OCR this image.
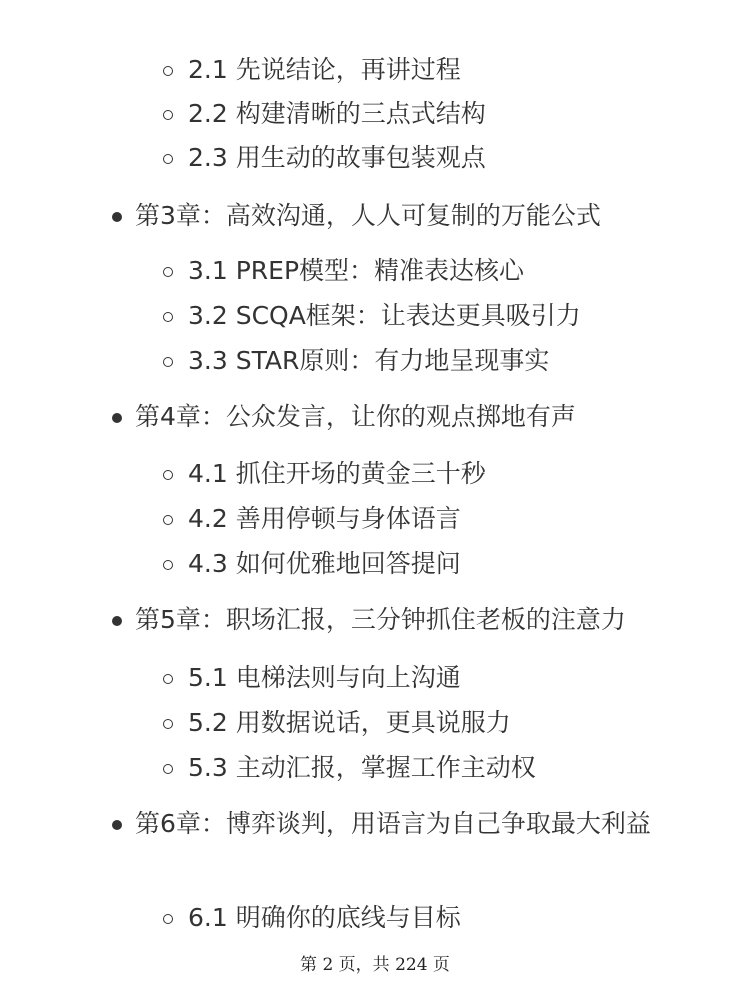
2.1 先说结论，再讲过程
2.2 构建清晰的三点式结构
2.3 用生动的故事包装观点
第3章：高效沟通，人人可复制的万能公式
3.1 PREP模型：精准表达核心
3.2 SCQA框架：让表达更具吸引力
3.3 STAR原则：有力地呈现事实
第4章：公众发言，让你的观点掷地有声
4.1 抓住开场的黄金三十秒
4.2 善用停顿与身体语言
4.3 如何优雅地回答提问
第5章：职场汇报，三分钟抓住老板的注意力
5.1 电梯法则与向上沟通
5.2 用数据说话，更具说服力
5.3 主动汇报，掌握工作主动权
第6章：博弈谈判，用语言为自己争取最大利益
6.1 明确你的底线与目标
第 2 页，共 224 页
